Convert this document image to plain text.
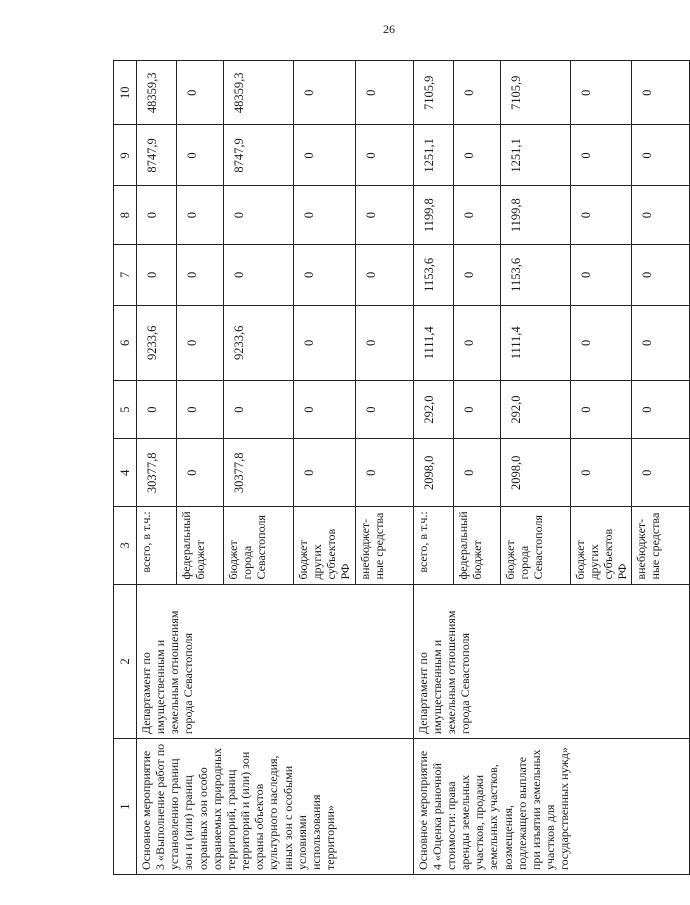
26
1	2	3	4	5	6	7	8	9	10
Основное мероприятие 3 «Выполнение работ по установлению границ зон и (или) границ охранных зон особо охраняемых природных территорий, границ территорий и (или) зон охраны объектов культурного наследия, иных зон с особыми условиями использования территории»	Департамент по имущественным и земельным отношениям города Севастополя	всего, в т.ч.:	30377,8	0	9233,6	0	0	8747,9	48359,3
		федеральный бюджет	0	0	0	0	0	0	0
		бюджет города Севастополя	30377,8	0	9233,6	0	0	8747,9	48359,3
		бюджет других субъектов РФ	0	0	0	0	0	0	0
		внебюджет-ные средства	0	0	0	0	0	0	0
Основное мероприятие 4 «Оценка рыночной стоимости: права аренды земельных участков, продажи земельных участков, возмещения, подлежащего выплате при изъятии земельных участков для государственных нужд»	Департамент по имущественным и земельным отношениям города Севастополя	всего, в т.ч.:	2098,0	292,0	1111,4	1153,6	1199,8	1251,1	7105,9
		федеральный бюджет	0	0	0	0	0	0	0
		бюджет города Севастополя	2098,0	292,0	1111,4	1153,6	1199,8	1251,1	7105,9
		бюджет других субъектов РФ	0	0	0	0	0	0	0
		внебюджет-ные средства	0	0	0	0	0	0	0
